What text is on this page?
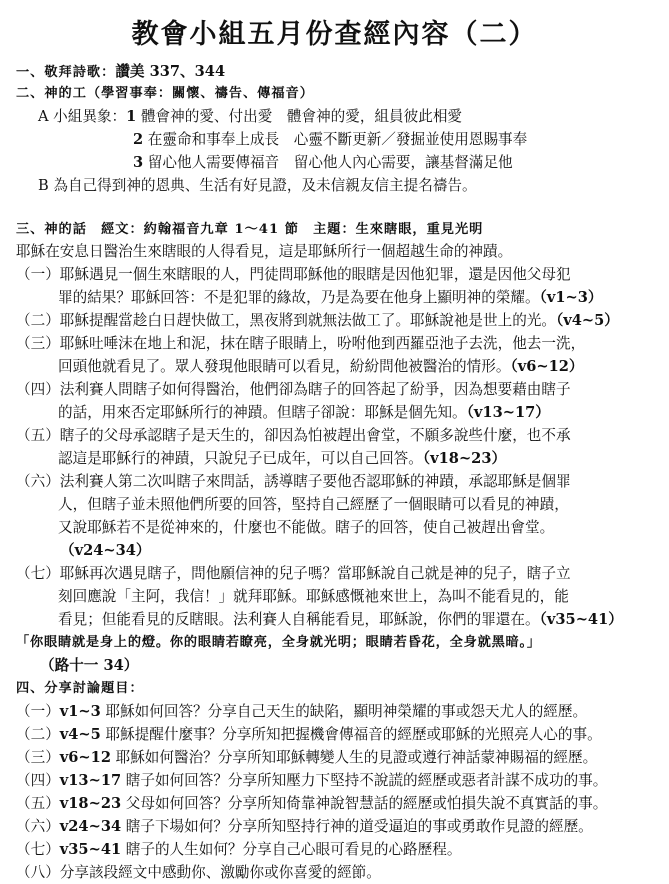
教會小組五月份查經內容（二）
一、敬拜詩歌：讚美 337、344
二、神的工（學習事奉：關懷、禱告、傳福音）
A 小組異象：1 體會神的愛、付出愛　體會神的愛，組員彼此相愛
2 在靈命和事奉上成長　心靈不斷更新／發掘並使用恩賜事奉
3 留心他人需要傳福音　留心他人內心需要，讓基督滿足他
B 為自己得到神的恩典、生活有好見證，及未信親友信主提名禱告。
三、神的話　經文：約翰福音九章 1～41 節　主題：生來瞎眼，重見光明
耶穌在安息日醫治生來瞎眼的人得看見，這是耶穌所行一個超越生命的神蹟。
（一）耶穌遇見一個生來瞎眼的人，門徒問耶穌他的眼瞎是因他犯罪，還是因他父母犯
罪的結果？耶穌回答：不是犯罪的緣故，乃是為要在他身上顯明神的榮耀。（v1~3）
（二）耶穌提醒當趁白日趕快做工，黑夜將到就無法做工了。耶穌說祂是世上的光。（v4~5）
（三）耶穌吐唾沫在地上和泥，抹在瞎子眼睛上，吩咐他到西羅亞池子去洗，他去一洗，
回頭他就看見了。眾人發現他眼睛可以看見，紛紛問他被醫治的情形。（v6~12）
（四）法利賽人問瞎子如何得醫治，他們卻為瞎子的回答起了紛爭，因為想要藉由瞎子
的話，用來否定耶穌所行的神蹟。但瞎子卻說：耶穌是個先知。（v13~17）
（五）瞎子的父母承認瞎子是天生的，卻因為怕被趕出會堂，不願多說些什麼，也不承
認這是耶穌行的神蹟，只說兒子已成年，可以自己回答。（v18~23）
（六）法利賽人第二次叫瞎子來問話，誘導瞎子要他否認耶穌的神蹟，承認耶穌是個罪
人，但瞎子並未照他們所要的回答，堅持自己經歷了一個眼睛可以看見的神蹟，
又說耶穌若不是從神來的，什麼也不能做。瞎子的回答，使自己被趕出會堂。
（v24~34）
（七）耶穌再次遇見瞎子，問他願信神的兒子嗎？當耶穌說自己就是神的兒子，瞎子立
刻回應說「主阿，我信！」就拜耶穌。耶穌感慨祂來世上，為叫不能看見的，能
看見；但能看見的反瞎眼。法利賽人自稱能看見，耶穌說，你們的罪還在。（v35~41）
「你眼睛就是身上的燈。你的眼睛若瞭亮，全身就光明；眼睛若昏花，全身就黑暗。」
（路十一 34）
四、分享討論題目：
（一）v1~3 耶穌如何回答？分享自己天生的缺陷，顯明神榮耀的事或怨天尤人的經歷。
（二）v4~5 耶穌提醒什麼事？分享所知把握機會傳福音的經歷或耶穌的光照亮人心的事。
（三）v6~12 耶穌如何醫治？分享所知耶穌轉變人生的見證或遵行神話蒙神賜福的經歷。
（四）v13~17 瞎子如何回答？分享所知壓力下堅持不說謊的經歷或惡者計謀不成功的事。
（五）v18~23 父母如何回答？分享所知倚靠神說智慧話的經歷或怕損失說不真實話的事。
（六）v24~34 瞎子下場如何？分享所知堅持行神的道受逼迫的事或勇敢作見證的經歷。
（七）v35~41 瞎子的人生如何？分享自己心眼可看見的心路歷程。
（八）分享該段經文中感動你、激勵你或你喜愛的經節。
